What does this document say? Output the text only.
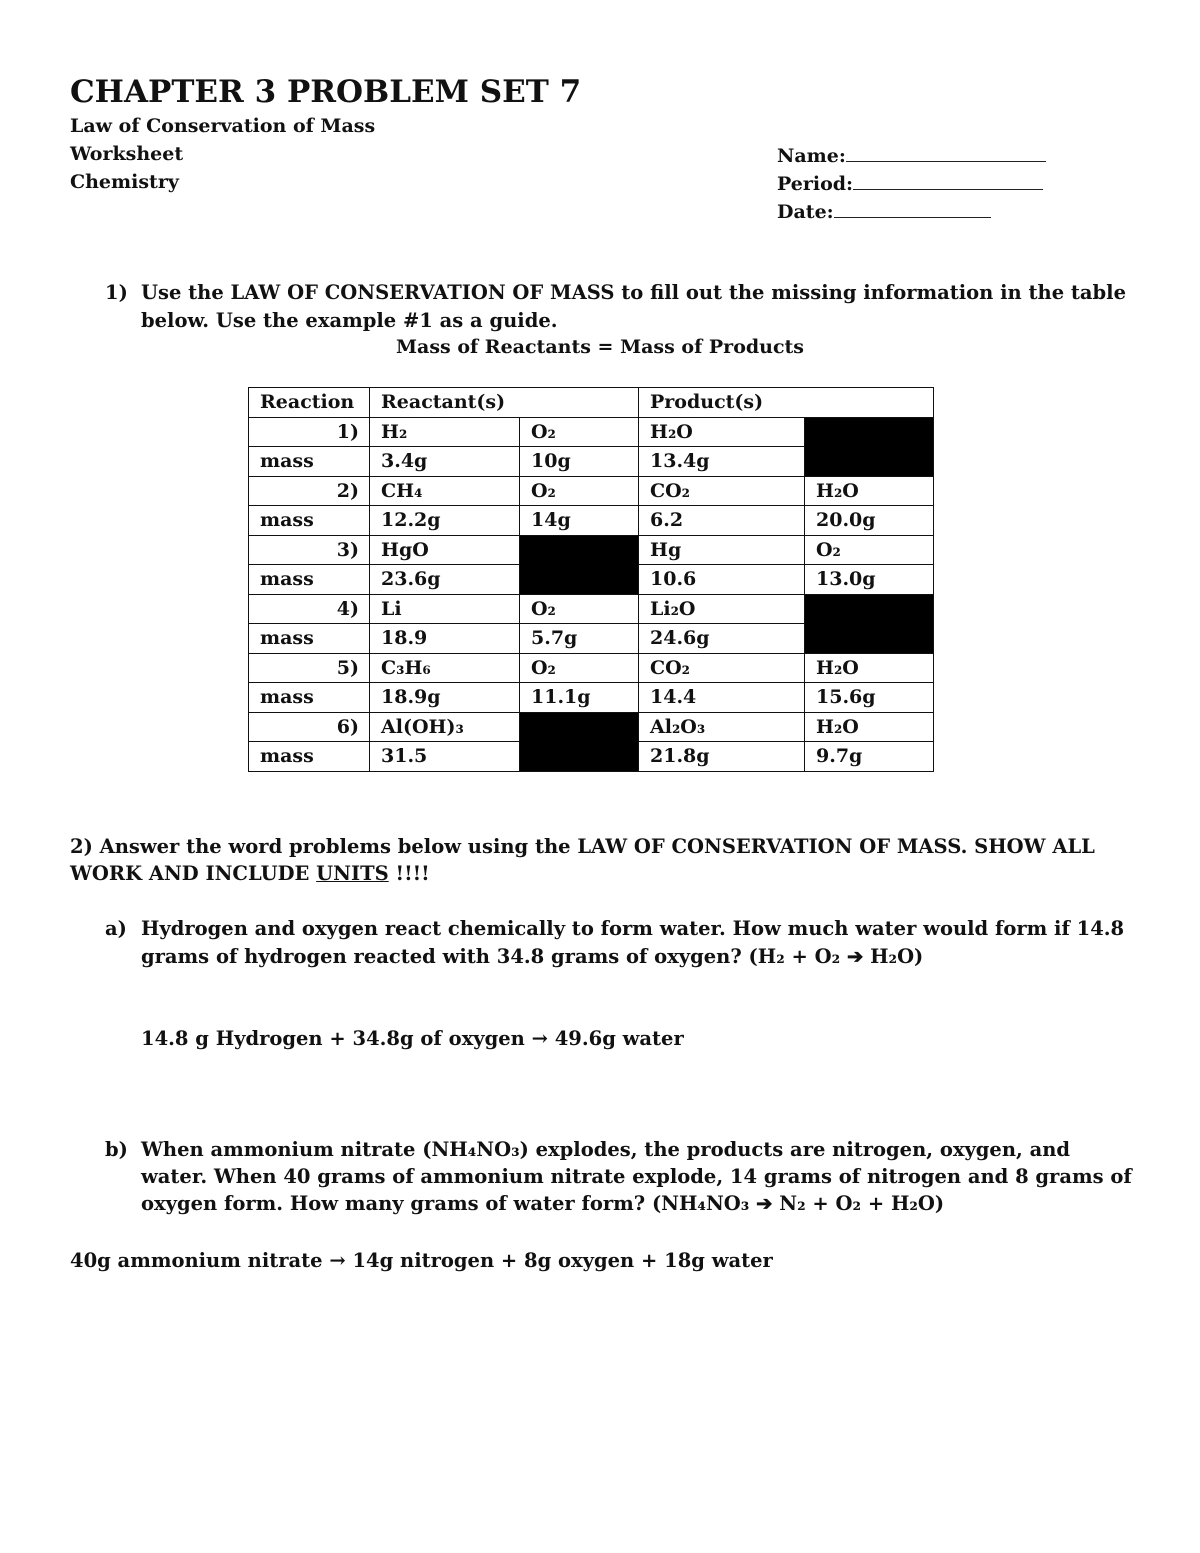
CHAPTER 3 PROBLEM SET 7
Law of Conservation of Mass
Worksheet
Chemistry
Name:
Period:
Date:
1) Use the LAW OF CONSERVATION OF MASS to fill out the missing information in the table
below. Use the example #1 as a guide.
Mass of Reactants = Mass of Products
Reaction	Reactant(s)		Product(s)	
1)	H₂	O₂	H₂O	
mass	3.4g	10g	13.4g	
2)	CH₄	O₂	CO₂	H₂O
mass	12.2g	14g	6.2	20.0g
3)	HgO		Hg	O₂
mass	23.6g		10.6	13.0g
4)	Li	O₂	Li₂O	
mass	18.9	5.7g	24.6g	
5)	C₃H₆	O₂	CO₂	H₂O
mass	18.9g	11.1g	14.4	15.6g
6)	Al(OH)₃		Al₂O₃	H₂O
mass	31.5		21.8g	9.7g
2) Answer the word problems below using the LAW OF CONSERVATION OF MASS. SHOW ALL
WORK AND INCLUDE UNITS !!!!
a) Hydrogen and oxygen react chemically to form water. How much water would form if 14.8
grams of hydrogen reacted with 34.8 grams of oxygen? (H₂ + O₂ ➔ H₂O)
14.8 g Hydrogen + 34.8g of oxygen → 49.6g water
b) When ammonium nitrate (NH₄NO₃) explodes, the products are nitrogen, oxygen, and
water. When 40 grams of ammonium nitrate explode, 14 grams of nitrogen and 8 grams of
oxygen form. How many grams of water form? (NH₄NO₃ ➔ N₂ + O₂ + H₂O)
40g ammonium nitrate → 14g nitrogen + 8g oxygen + 18g water
